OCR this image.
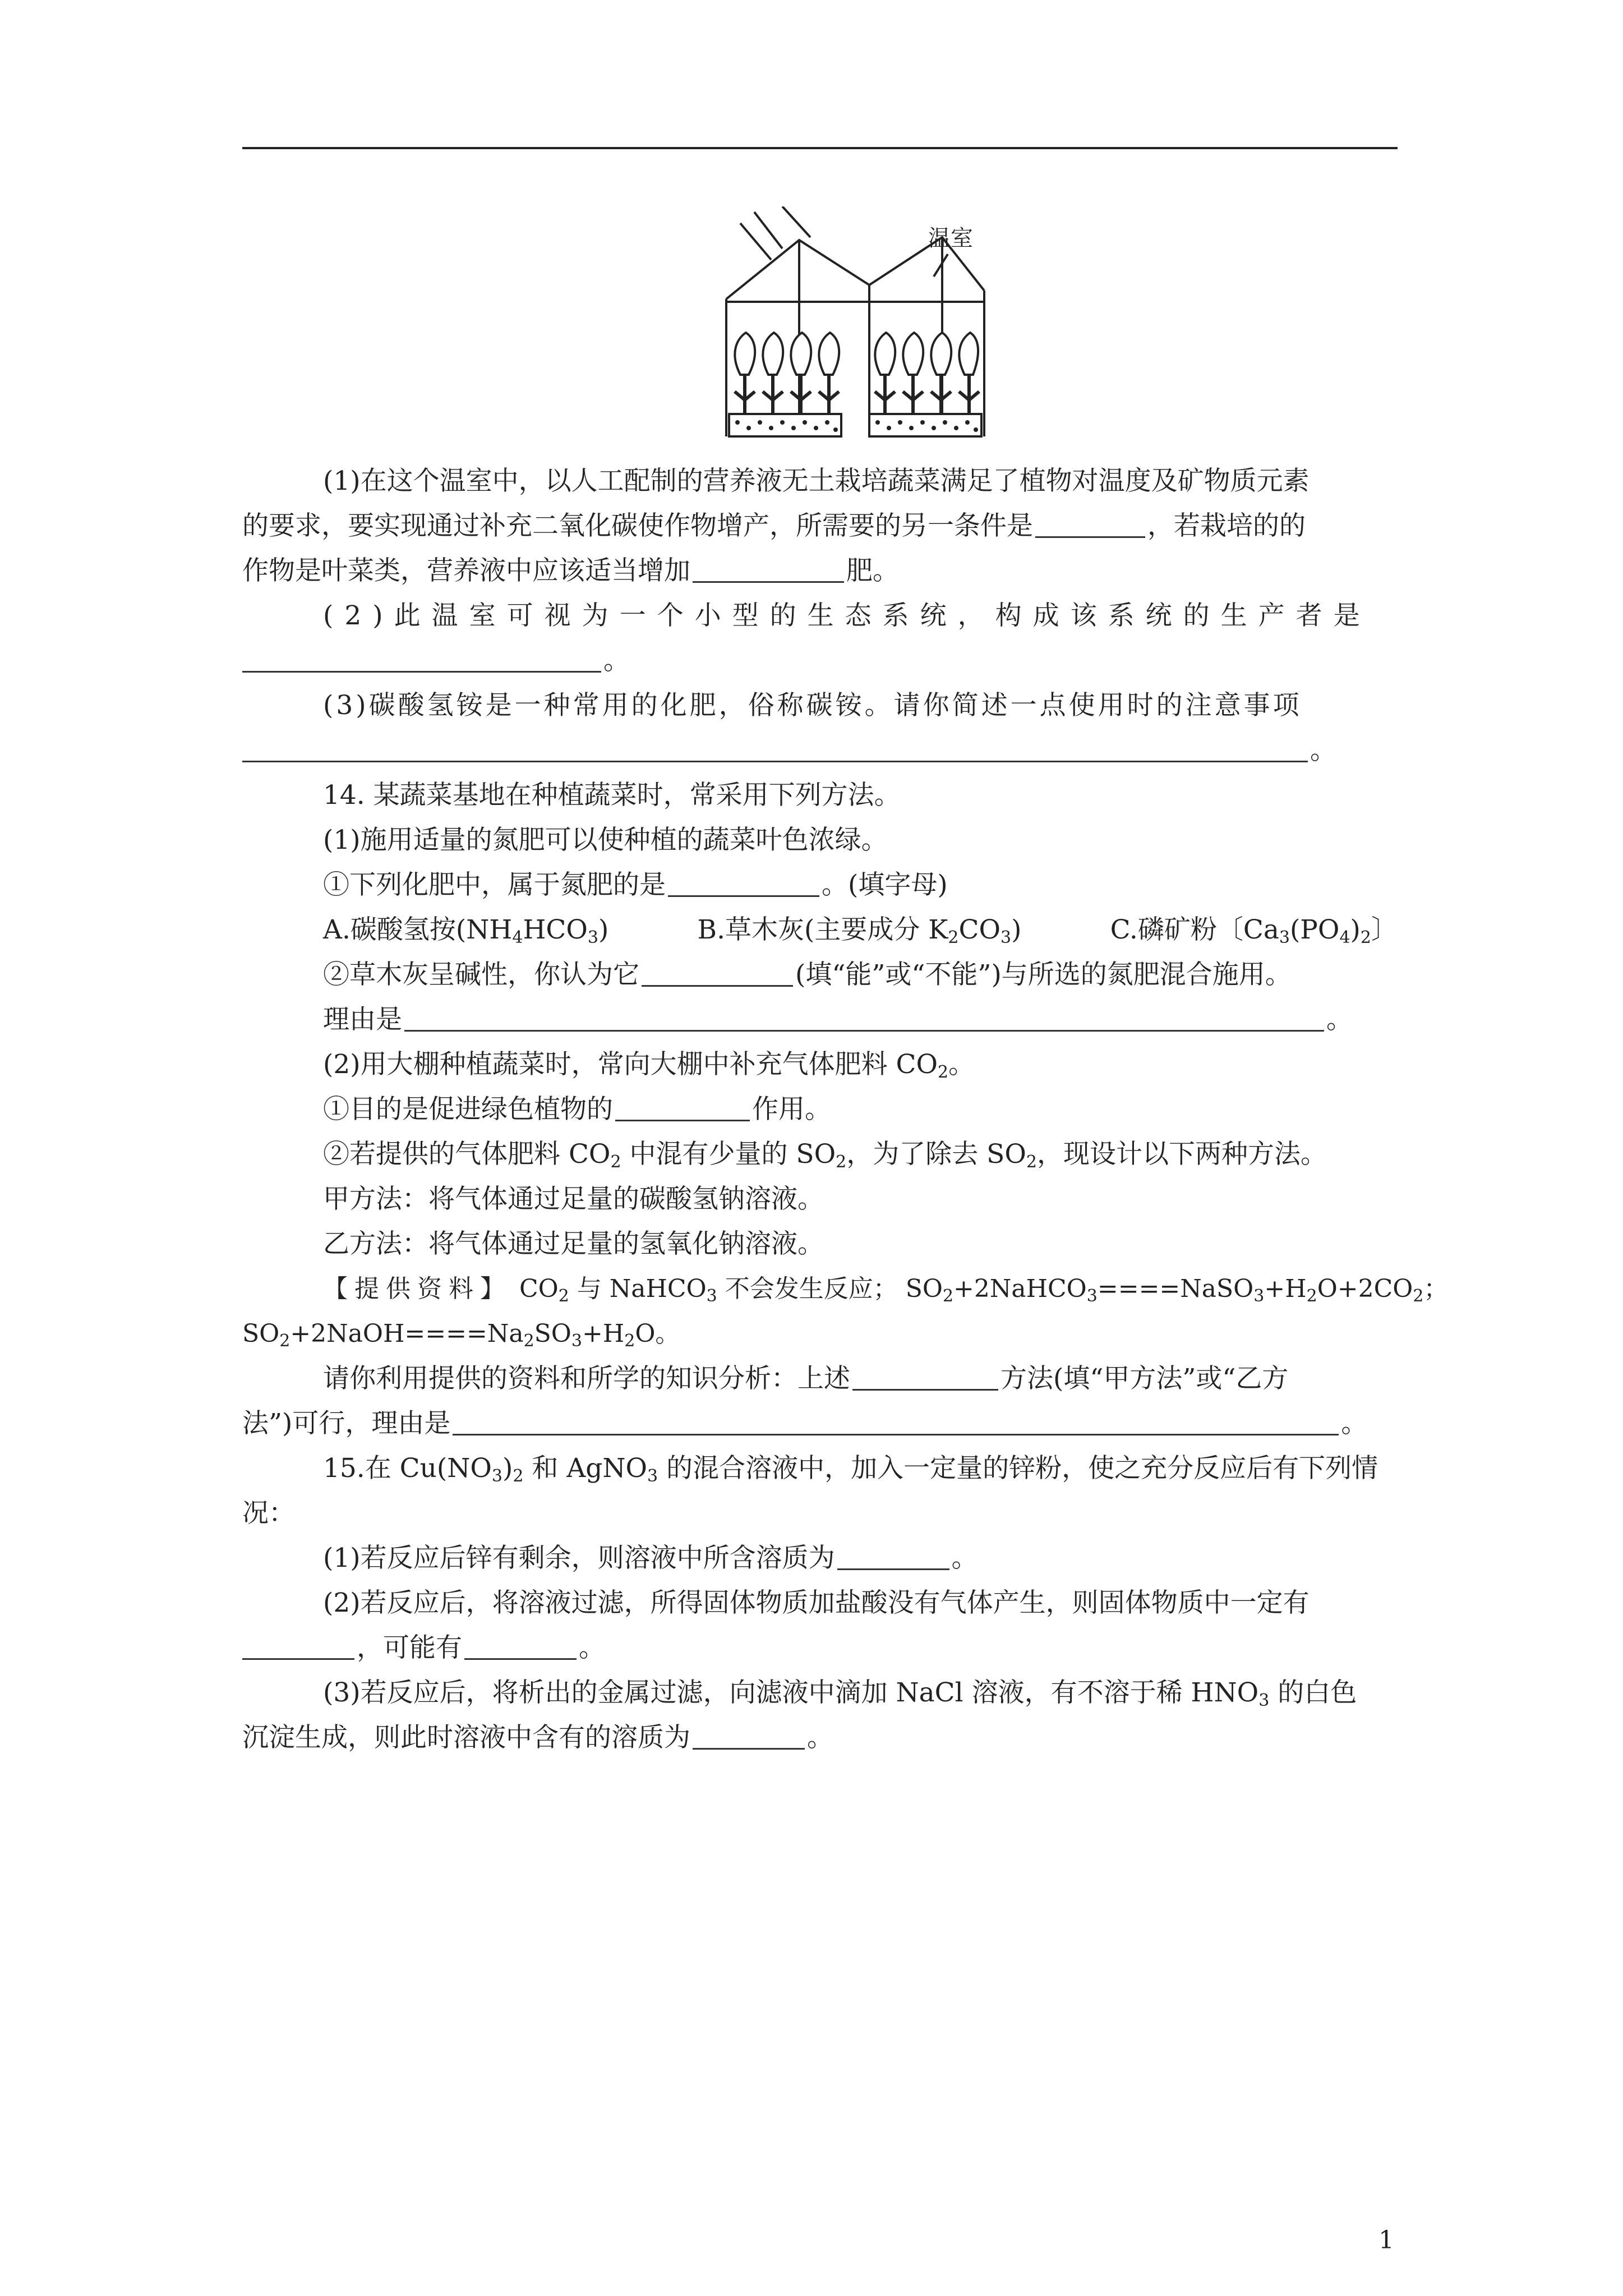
温室
(1)在这个温室中，以人工配制的营养液无土栽培蔬菜满足了植物对温度及矿物质元素
的要求，要实现通过补充二氧化碳使作物增产，所需要的另一条件是	，若栽培的的
作物是叶菜类，营养液中应该适当增加	肥。
(2)此温室可视为一个小型的生态系统，构成该系统的生产者是
。
(3)碳酸氢铵是一种常用的化肥，俗称碳铵。请你简述一点使用时的注意事项
。
14. 某蔬菜基地在种植蔬菜时，常采用下列方法。
(1)施用适量的氮肥可以使种植的蔬菜叶色浓绿。
①下列化肥中，属于氮肥的是	。(填字母)
A.碳酸氢按$(NH_4HCO_3)$	B.草木灰(主要成分 $K_2CO_3$)	C.磷矿粉〔$Ca_3(PO_4)_2$〕
②草木灰呈碱性，你认为它	(填“能”或“不能”)与所选的氮肥混合施用。
理由是	。
(2)用大棚种植蔬菜时，常向大棚中补充气体肥料 $CO_2$。
①目的是促进绿色植物的	作用。
②若提供的气体肥料 $CO_2$ 中混有少量的 $SO_2$，为了除去 $SO_2$，现设计以下两种方法。
甲方法：将气体通过足量的碳酸氢钠溶液。
乙方法：将气体通过足量的氢氧化钠溶液。
【提供资料】 $CO_2$ 与 NaHCO$_3$ 不会发生反应； $SO_2+2NaHCO_3====NaSO_3+H_2O+2CO_2$；
$SO_2+2NaOH====Na_2SO_3+H_2O$。
请你利用提供的资料和所学的知识分析：上述	方法(填“甲方法”或“乙方
法”)可行，理由是	。
15.在 $Cu(NO_3)_2$ 和 AgNO$_3$ 的混合溶液中，加入一定量的锌粉，使之充分反应后有下列情
况：
(1)若反应后锌有剩余，则溶液中所含溶质为	。
(2)若反应后，将溶液过滤，所得固体物质加盐酸没有气体产生，则固体物质中一定有
，可能有	。
(3)若反应后，将析出的金属过滤，向滤液中滴加 NaCl 溶液，有不溶于稀 $HNO_3$ 的白色
沉淀生成，则此时溶液中含有的溶质为	。
1
